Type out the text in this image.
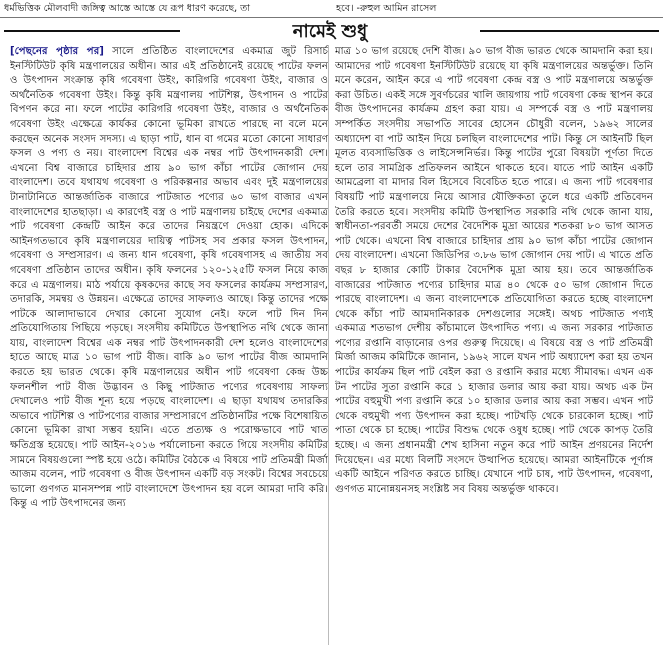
ধর্মভিত্তিক মৌলবাদী জঙ্গিত্ব আস্তে আস্তে যে রূপ ধারণ করেছে, তা	হবে। -রুহুল আমিন রাসেল
নামেই শুধু

[পেছনের পৃষ্ঠার পর] সালে প্রতিষ্ঠিত বাংলাদেশের একমাত্র জুট রিসার্চ ইনস্টিটিউট কৃষি মন্ত্রণালয়ের অধীন। আর এই প্রতিষ্ঠানেই রয়েছে পাটের ফলন ও উৎপাদন সংক্রান্ত কৃষি গবেষণা উইং, কারিগরি গবেষণা উইং, বাজার ও অর্থনৈতিক গবেষণা উইং। কিন্তু কৃষি মন্ত্রণালয় পাটশিল্প, উৎপাদন ও পাটের বিপণন করে না। ফলে পাটের কারিগরি গবেষণা উইং, বাজার ও অর্থনৈতিক গবেষণা উইং এক্ষেত্রে কার্যকর কোনো ভূমিকা রাখতে পারছে না বলে মনে করছেন অনেক সংসদ সদস্য। এ ছাড়া পাট, ধান বা গমের মতো কোনো সাধারণ ফসল ও পণ্য ও নয়। বাংলাদেশ বিশ্বের এক নম্বর পাট উৎপাদনকারী দেশ। এখনো বিশ্ব বাজারে চাহিদার প্রায় ৯০ ভাগ কাঁচা পাটের জোগান দেয় বাংলাদেশ। তবে যথাযথ গবেষণা ও পরিকল্পনার অভাব এবং দুই মন্ত্রণালয়ের টানাটানিতে আন্তর্জাতিক বাজারে পাটজাত পণ্যের ৬০ ভাগ বাজার এখন বাংলাদেশের হাতছাড়া। এ কারণেই বস্ত্র ও পাট মন্ত্রণালয় চাইছে দেশের একমাত্র পাট গবেষণা কেন্দ্রটি আইন করে তাদের নিয়ন্ত্রণে দেওয়া হোক। এদিকে আইনগতভাবে কৃষি মন্ত্রণালয়ের দায়িত্ব পাটসহ সব প্রকার ফসল উৎপাদন, গবেষণা ও সম্প্রসারণ। এ জন্য ধান গবেষণা, কৃষি গবেষণাসহ এ জাতীয় সব গবেষণা প্রতিষ্ঠান তাদের অধীন। কৃষি ফলনের ১২০-১২৫টি ফসল নিয়ে কাজ করে এ মন্ত্রণালয়। মাঠ পর্যায়ে কৃষকদের কাছে সব ফসলের কার্যক্রম সম্প্রসারণ, তদারকি, সমন্বয় ও উন্নয়ন। এক্ষেত্রে তাদের সাফল্যও আছে। কিন্তু তাদের পক্ষে পাটকে আলাদাভাবে দেখার কোনো সুযোগ নেই। ফলে পাট দিন দিন প্রতিযোগিতায় পিছিয়ে পড়ছে। সংসদীয় কমিটিতে উপস্থাপিত নথি থেকে জানা যায়, বাংলাদেশ বিশ্বের এক নম্বর পাট উৎপাদনকারী দেশ হলেও বাংলাদেশের হাতে আছে মাত্র ১০ ভাগ পাট বীজ। বাকি ৯০ ভাগ পাটের বীজ আমদানি করতে হয় ভারত থেকে। কৃষি মন্ত্রণালয়ের অধীন পাট গবেষণা কেন্দ্র উচ্চ ফলনশীল পাট বীজ উদ্ভাবন ও কিছু পাটজাত পণ্যের গবেষণায় সাফল্য দেখালেও পাট বীজ শূন্য হয়ে পড়ছে বাংলাদেশ। এ ছাড়া যথাযথ তদারকির অভাবে পাটশিল্প ও পাটপণ্যের বাজার সম্প্রসারণে প্রতিষ্ঠানটির পক্ষে বিশেষায়িত কোনো ভূমিকা রাখা সম্ভব হয়নি। এতে প্রত্যক্ষ ও পরোক্ষভাবে পাট খাত ক্ষতিগ্রস্ত হয়েছে। পাট আইন-২০১৬ পর্যালোচনা করতে গিয়ে সংসদীয় কমিটির সামনে বিষয়গুলো স্পষ্ট হয়ে ওঠে। কমিটির বৈঠকে এ বিষয়ে পাট প্রতিমন্ত্রী মির্জা আজম বলেন, পাট গবেষণা ও বীজ উৎপাদন একটি বড় সংকট। বিশ্বের সবচেয়ে ভালো গুণগত মানসম্পন্ন পাট বাংলাদেশে উৎপাদন হয় বলে আমরা দাবি করি। কিন্তু এ পাট উৎপাদনের জন্য

মাত্র ১০ ভাগ রয়েছে দেশি বীজ। ৯০ ভাগ বীজ ভারত থেকে আমদানি করা হয়। আমাদের পাট গবেষণা ইনস্টিটিউট রয়েছে যা কৃষি মন্ত্রণালয়ের অন্তর্ভুক্ত। তিনি মনে করেন, আইন করে এ পাট গবেষণা কেন্দ্র বস্ত্র ও পাট মন্ত্রণালয়ে অন্তর্ভুক্ত করা উচিত। একই সঙ্গে সুবর্ণচরের খালি জায়গায় পাট গবেষণা কেন্দ্র স্থাপন করে বীজ উৎপাদনের কার্যক্রম গ্রহণ করা যায়। এ সম্পর্কে বস্ত্র ও পাট মন্ত্রণালয় সম্পর্কিত সংসদীয় সভাপতি সাবের হোসেন চৌধুরী বলেন, ১৯৬২ সালের অধ্যাদেশ বা পাট আইন দিয়ে চলছিল বাংলাদেশের পাট। কিন্তু সে আইনটি ছিল মূলত ব্যবসাভিত্তিক ও লাইসেন্সনির্ভর। কিন্তু পাটের পুরো বিষয়টা পূর্ণতা দিতে হলে তার সামগ্রিক প্রতিফলন আইনে থাকতে হবে। যাতে পাট আইন একটি আমব্রেলা বা মাদার বিল হিসেবে বিবেচিত হতে পারে। এ জন্য পাট গবেষণার বিষয়টি পাট মন্ত্রণালয়ে নিয়ে আসার যৌক্তিকতা তুলে ধরে একটি প্রতিবেদন তৈরি করতে হবে। সংসদীয় কমিটি উপস্থাপিত সরকারি নথি থেকে জানা যায়, স্বাধীনতা-পরবর্তী সময়ে দেশের বৈদেশিক মুদ্রা আয়ের শতকরা ৮০ ভাগ আসত পাট থেকে। এখনো বিশ্ব বাজারে চাহিদার প্রায় ৯০ ভাগ কাঁচা পাটের জোগান দেয় বাংলাদেশ। এখনো জিডিপির ৩.৮৬ ভাগ জোগান দেয় পাট। এ খাতে প্রতি বছর ৮ হাজার কোটি টাকার বৈদেশিক মুদ্রা আয় হয়। তবে আন্তর্জাতিক বাজারের পাটজাত পণ্যের চাহিদার মাত্র ৪০ থেকে ৫০ ভাগ জোগান দিতে পারছে বাংলাদেশ। এ জন্য বাংলাদেশকে প্রতিযোগিতা করতে হচ্ছে বাংলাদেশ থেকে কাঁচা পাট আমদানিকারক দেশগুলোর সঙ্গেই। অথচ পাটজাত পণ্যই একমাত্র শতভাগ দেশীয় কাঁচামালে উৎপাদিত পণ্য। এ জন্য সরকার পাটজাত পণ্যের রপ্তানি বাড়ানোর ওপর গুরুত্ব দিয়েছে। এ বিষয়ে বস্ত্র ও পাট প্রতিমন্ত্রী মির্জা আজম কমিটিকে জানান, ১৯৬২ সালে যখন পাট অধ্যাদেশ করা হয় তখন পাটের কার্যক্রম ছিল পাট বেইল করা ও রপ্তানি করার মধ্যে সীমাবদ্ধ। এখন এক টন পাটের সুতা রপ্তানি করে ১ হাজার ডলার আয় করা যায়। অথচ এক টন পাটের বহুমুখী পণ্য রপ্তানি করে ১০ হাজার ডলার আয় করা সম্ভব। এখন পাট থেকে বহুমুখী পণ্য উৎপাদন করা হচ্ছে। পাটখড়ি থেকে চারকোল হচ্ছে। পাট পাতা থেকে চা হচ্ছে। পাটের বিশুদ্ধ থেকে ওষুধ হচ্ছে। পাট থেকে কাপড় তৈরি হচ্ছে। এ জন্য প্রধানমন্ত্রী শেখ হাসিনা নতুন করে পাট আইন প্রণয়নের নির্দেশ দিয়েছেন। এর মধ্যে বিলটি সংসদে উত্থাপিত হয়েছে। আমরা আইনটিকে পূর্ণাঙ্গ একটি আইনে পরিণত করতে চাচ্ছি। যেখানে পাট চাষ, পাট উৎপাদন, গবেষণা, গুণগত মানোন্নয়নসহ সংশ্লিষ্ট সব বিষয় অন্তর্ভুক্ত থাকবে।
